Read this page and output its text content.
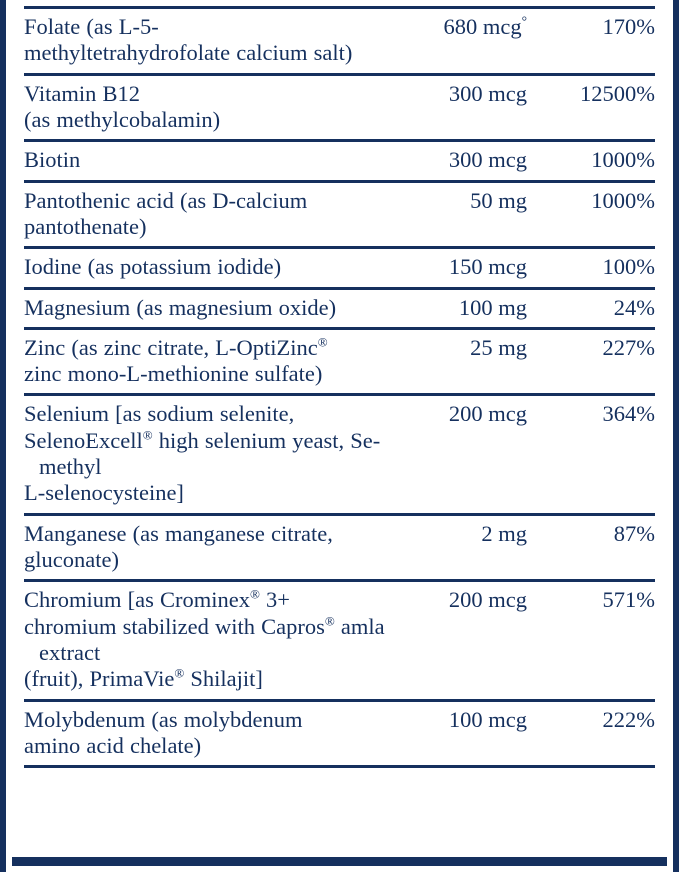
Folate (as L-5-
methyltetrahydrofolate calcium salt)	680 mcg°	170%

Vitamin B12
(as methylcobalamin)	300 mcg	12500%

Biotin	300 mcg	1000%

Pantothenic acid (as D-calcium
pantothenate)	50 mg	1000%

Iodine (as potassium iodide)	150 mcg	100%

Magnesium (as magnesium oxide)	100 mg	24%

Zinc (as zinc citrate, L-OptiZinc®
zinc mono-L-methionine sulfate)	25 mg	227%

Selenium [as sodium selenite,
SelenoExcell® high selenium yeast, Se-methyl
L-selenocysteine]	200 mcg	364%

Manganese (as manganese citrate,
gluconate)	2 mg	87%

Chromium [as Crominex® 3+
chromium stabilized with Capros® amla extract
(fruit), PrimaVie® Shilajit]	200 mcg	571%

Molybdenum (as molybdenum
amino acid chelate)	100 mcg	222%
